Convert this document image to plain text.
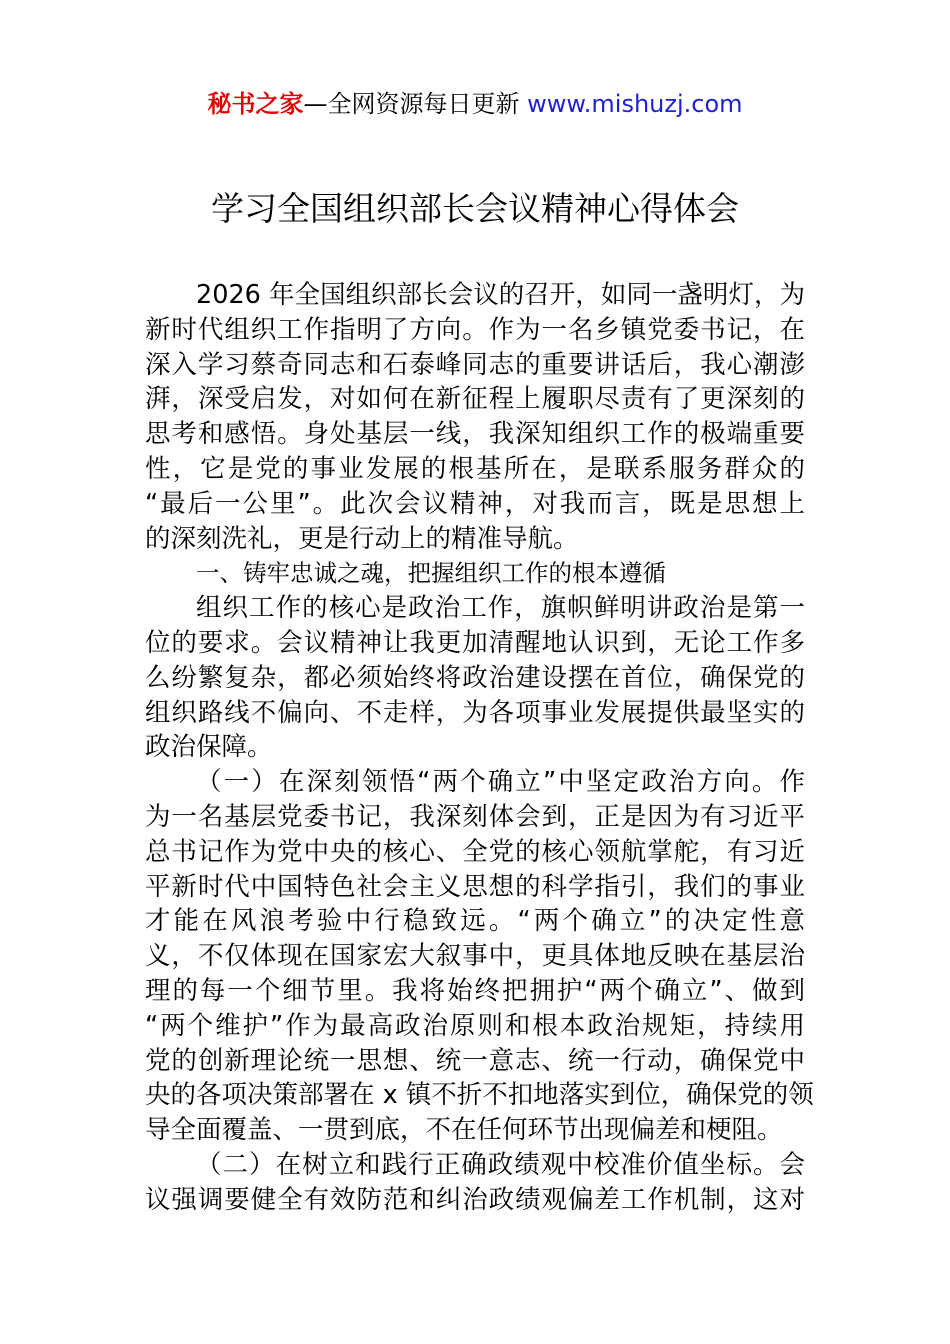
秘书之家—全网资源每日更新 www.mishuzj.com
学习全国组织部长会议精神心得体会
2026 年全国组织部长会议的召开，如同一盏明灯，为
新时代组织工作指明了方向。作为一名乡镇党委书记，在
深入学习蔡奇同志和石泰峰同志的重要讲话后，我心潮澎
湃，深受启发，对如何在新征程上履职尽责有了更深刻的
思考和感悟。身处基层一线，我深知组织工作的极端重要
性，它是党的事业发展的根基所在，是联系服务群众的
“最后一公里”。此次会议精神，对我而言，既是思想上
的深刻洗礼，更是行动上的精准导航。
一、铸牢忠诚之魂，把握组织工作的根本遵循
组织工作的核心是政治工作，旗帜鲜明讲政治是第一
位的要求。会议精神让我更加清醒地认识到，无论工作多
么纷繁复杂，都必须始终将政治建设摆在首位，确保党的
组织路线不偏向、不走样，为各项事业发展提供最坚实的
政治保障。
（一）在深刻领悟“两个确立”中坚定政治方向。作
为一名基层党委书记，我深刻体会到，正是因为有习近平
总书记作为党中央的核心、全党的核心领航掌舵，有习近
平新时代中国特色社会主义思想的科学指引，我们的事业
才能在风浪考验中行稳致远。“两个确立”的决定性意
义，不仅体现在国家宏大叙事中，更具体地反映在基层治
理的每一个细节里。我将始终把拥护“两个确立”、做到
“两个维护”作为最高政治原则和根本政治规矩，持续用
党的创新理论统一思想、统一意志、统一行动，确保党中
央的各项决策部署在 x 镇不折不扣地落实到位，确保党的领
导全面覆盖、一贯到底，不在任何环节出现偏差和梗阻。
（二）在树立和践行正确政绩观中校准价值坐标。会
议强调要健全有效防范和纠治政绩观偏差工作机制，这对
